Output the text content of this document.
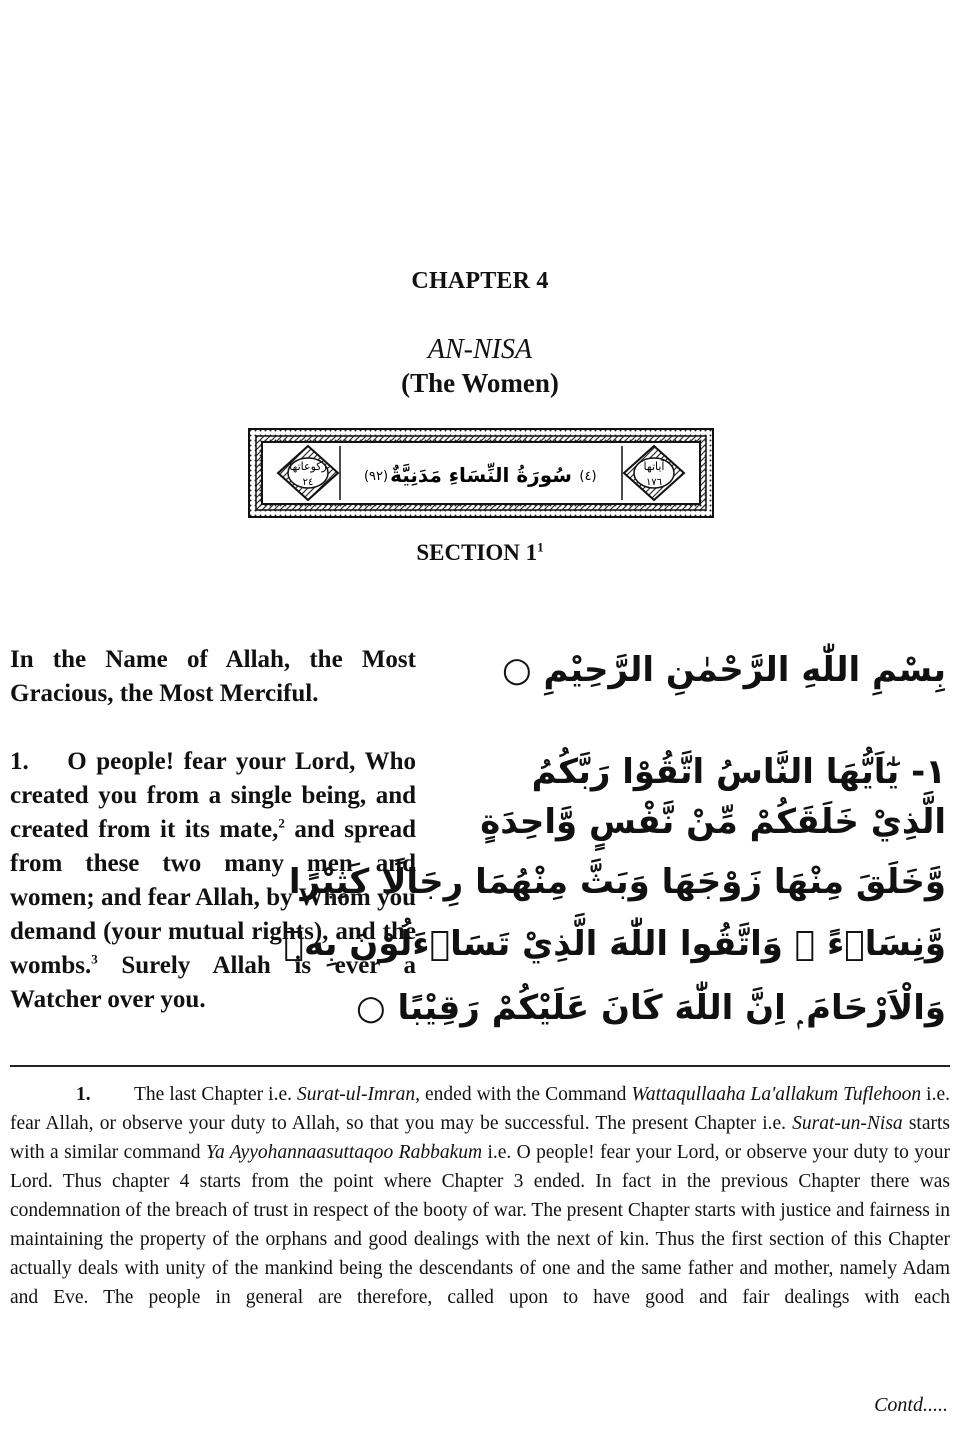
CHAPTER 4
AN-NISA
(The Women)
ركوعاتها
٢٤
آياتها
١٧٦
(٩٢) سُورَةُ النِّسَاءِ مَدَنِيَّةٌ (٤)
SECTION $1^1$
In the Name of Allah, the Most Gracious, the Most Merciful.
بِسْمِ اللّٰهِ الرَّحْمٰنِ الرَّحِيْمِ ○
1. O people! fear your Lord, Who created you from a single being, and created from it its mate,$^2$ and spread from these two many men and women; and fear Allah, by Whom you demand (your mutual rights), and the wombs.$^3$ Surely Allah is ever a Watcher over you.
١- يٰٓاَيُّهَا النَّاسُ اتَّقُوْا رَبَّكُمُ
الَّذِيْ خَلَقَكُمْ مِّنْ نَّفْسٍ وَّاحِدَةٍ
وَّخَلَقَ مِنْهَا زَوْجَهَا وَبَثَّ مِنْهُمَا رِجَالًا كَثِيْرًا
وَّنِسَاۗءً ۚ وَاتَّقُوا اللّٰهَ الَّذِيْ تَسَاۗءَلُوْنَ بِهٖ
وَالْاَرْحَامَ ۭ اِنَّ اللّٰهَ كَانَ عَلَيْكُمْ رَقِيْبًا ○
1. The last Chapter i.e. Surat-ul-Imran, ended with the Command Wattaqullaaha La'allakum Tuflehoon i.e. fear Allah, or observe your duty to Allah, so that you may be successful. The present Chapter i.e. Surat-un-Nisa starts with a similar command Ya Ayyohannaasuttaqoo Rabbakum i.e. O people! fear your Lord, or observe your duty to your Lord. Thus chapter 4 starts from the point where Chapter 3 ended. In fact in the previous Chapter there was condemnation of the breach of trust in respect of the booty of war. The present Chapter starts with justice and fairness in maintaining the property of the orphans and good dealings with the next of kin. Thus the first section of this Chapter actually deals with unity of the mankind being the descendants of one and the same father and mother, namely Adam and Eve. The people in general are therefore, called upon to have good and fair dealings with each
Contd.....
